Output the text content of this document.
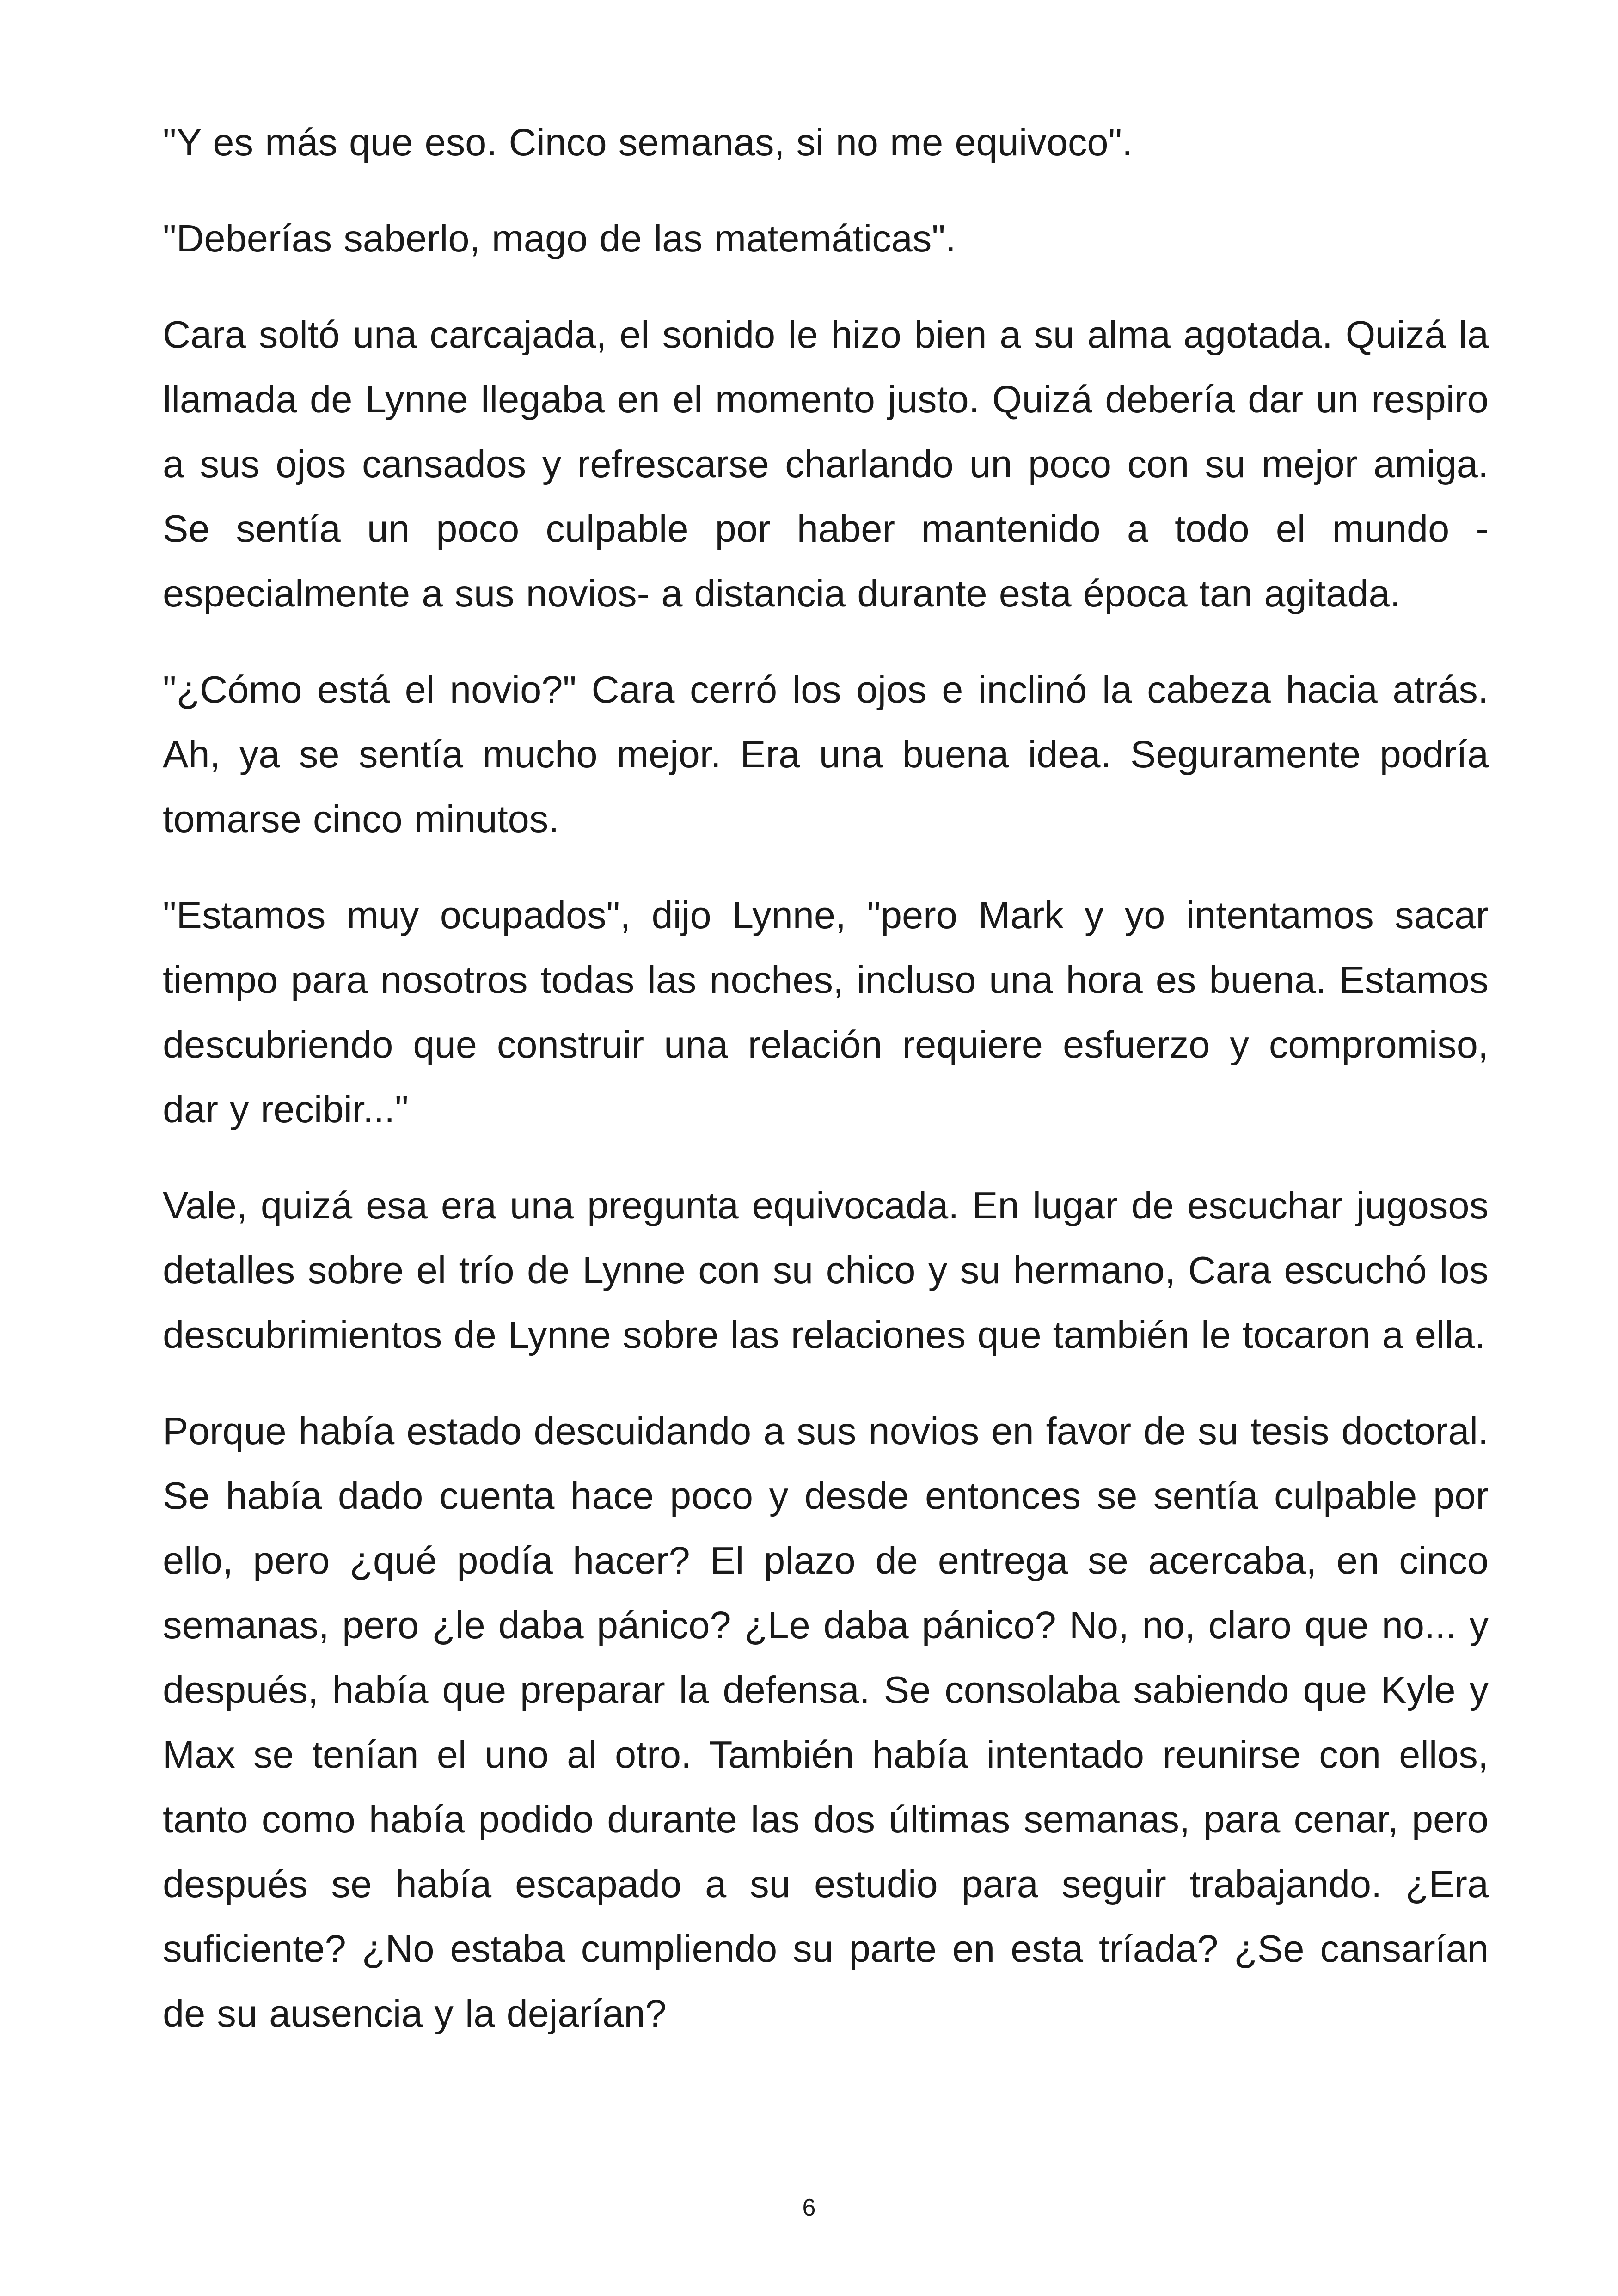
"Y es más que eso. Cinco semanas, si no me equivoco".

"Deberías saberlo, mago de las matemáticas".

Cara soltó una carcajada, el sonido le hizo bien a su alma agotada. Quizá la llamada de Lynne llegaba en el momento justo. Quizá debería dar un respiro a sus ojos cansados y refrescarse charlando un poco con su mejor amiga. Se sentía un poco culpable por haber mantenido a todo el mundo -especialmente a sus novios- a distancia durante esta época tan agitada.

"¿Cómo está el novio?" Cara cerró los ojos e inclinó la cabeza hacia atrás. Ah, ya se sentía mucho mejor. Era una buena idea. Seguramente podría tomarse cinco minutos.

"Estamos muy ocupados", dijo Lynne, "pero Mark y yo intentamos sacar tiempo para nosotros todas las noches, incluso una hora es buena. Estamos descubriendo que construir una relación requiere esfuerzo y compromiso, dar y recibir..."

Vale, quizá esa era una pregunta equivocada. En lugar de escuchar jugosos detalles sobre el trío de Lynne con su chico y su hermano, Cara escuchó los descubrimientos de Lynne sobre las relaciones que también le tocaron a ella.

Porque había estado descuidando a sus novios en favor de su tesis doctoral. Se había dado cuenta hace poco y desde entonces se sentía culpable por ello, pero ¿qué podía hacer? El plazo de entrega se acercaba, en cinco semanas, pero ¿le daba pánico? ¿Le daba pánico? No, no, claro que no... y después, había que preparar la defensa. Se consolaba sabiendo que Kyle y Max se tenían el uno al otro. También había intentado reunirse con ellos, tanto como había podido durante las dos últimas semanas, para cenar, pero después se había escapado a su estudio para seguir trabajando. ¿Era suficiente? ¿No estaba cumpliendo su parte en esta tríada? ¿Se cansarían de su ausencia y la dejarían?

6
